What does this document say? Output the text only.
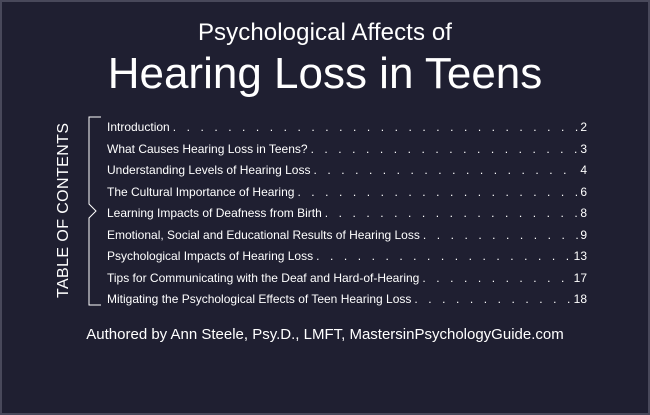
Psychological Affects of
Hearing Loss in Teens
TABLE OF CONTENTS	Introduction . . .	2
What Causes Hearing Loss in Teens? . . .	3
Understanding Levels of Hearing Loss . . .	4
The Cultural Importance of Hearing . . .	6
Learning Impacts of Deafness from Birth . . .	8
Emotional, Social and Educational Results of Hearing Loss . . .	9
Psychological Impacts of Hearing Loss . . .	13
Tips for Communicating with the Deaf and Hard-of-Hearing . . .	17
Mitigating the Psychological Effects of Teen Hearing Loss . . .	18
Authored by Ann Steele, Psy.D., LMFT, MastersinPsychologyGuide.com
